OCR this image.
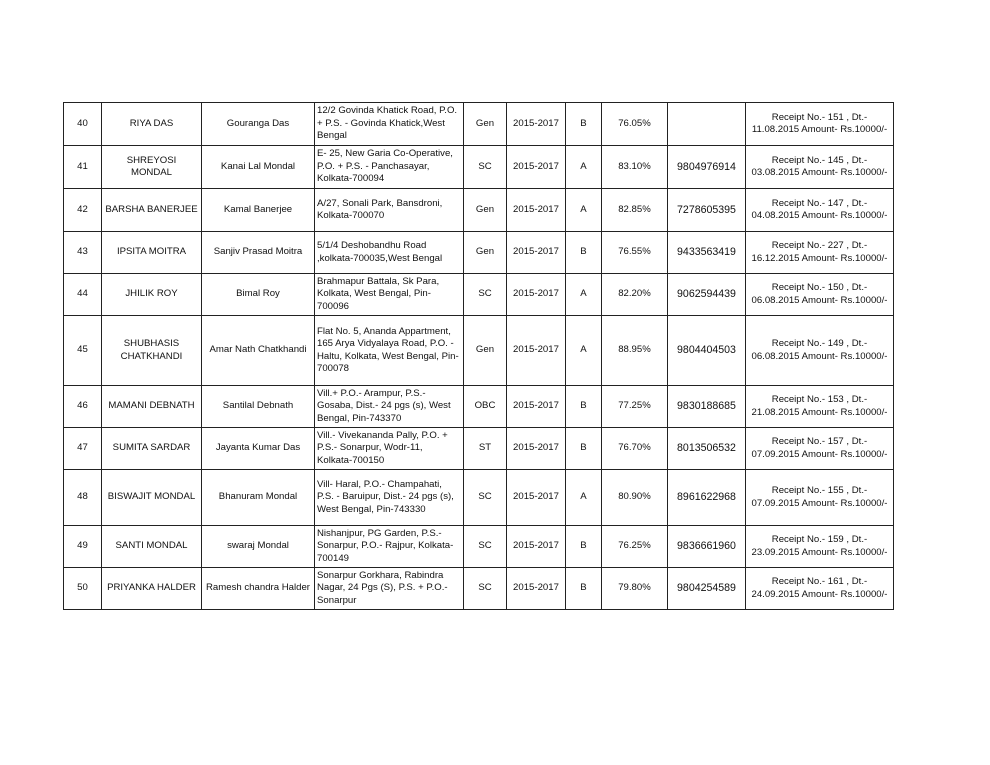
40	RIYA DAS	Gouranga Das	12/2 Govinda Khatick Road, P.O.
+ P.S. - Govinda Khatick,West
Bengal	Gen	2015-2017	B	76.05%		Receipt No.- 151 , Dt.-
11.08.2015 Amount- Rs.10000/-
41	SHREYOSI MONDAL	Kanai Lal Mondal	E- 25, New Garia Co-Operative,
P.O. + P.S. - Panchasayar,
Kolkata-700094	SC	2015-2017	A	83.10%	9804976914	Receipt No.- 145 , Dt.-
03.08.2015 Amount- Rs.10000/-
42	BARSHA BANERJEE	Kamal Banerjee	A/27, Sonali Park, Bansdroni,
Kolkata-700070	Gen	2015-2017	A	82.85%	7278605395	Receipt No.- 147 , Dt.-
04.08.2015 Amount- Rs.10000/-
43	IPSITA MOITRA	Sanjiv Prasad Moitra	5/1/4 Deshobandhu Road
,kolkata-700035,West Bengal	Gen	2015-2017	B	76.55%	9433563419	Receipt No.- 227 , Dt.-
16.12.2015 Amount- Rs.10000/-
44	JHILIK ROY	Bimal Roy	Brahmapur Battala, Sk Para,
Kolkata, West Bengal, Pin-
700096	SC	2015-2017	A	82.20%	9062594439	Receipt No.- 150 , Dt.-
06.08.2015 Amount- Rs.10000/-
45	SHUBHASIS CHATKHANDI	Amar Nath Chatkhandi	Flat No. 5, Ananda Appartment,
165 Arya Vidyalaya Road, P.O. -
Haltu, Kolkata, West Bengal, Pin-
700078	Gen	2015-2017	A	88.95%	9804404503	Receipt No.- 149 , Dt.-
06.08.2015 Amount- Rs.10000/-
46	MAMANI DEBNATH	Santilal Debnath	Vill.+ P.O.- Arampur, P.S.-
Gosaba, Dist.- 24 pgs (s), West
Bengal, Pin-743370	OBC	2015-2017	B	77.25%	9830188685	Receipt No.- 153 , Dt.-
21.08.2015 Amount- Rs.10000/-
47	SUMITA SARDAR	Jayanta Kumar Das	Vill.- Vivekananda Pally, P.O. +
P.S.- Sonarpur, Wodr-11,
Kolkata-700150	ST	2015-2017	B	76.70%	8013506532	Receipt No.- 157 , Dt.-
07.09.2015 Amount- Rs.10000/-
48	BISWAJIT MONDAL	Bhanuram Mondal	Vill- Haral, P.O.- Champahati,
P.S. - Baruipur, Dist.- 24 pgs (s),
West Bengal, Pin-743330	SC	2015-2017	A	80.90%	8961622968	Receipt No.- 155 , Dt.-
07.09.2015 Amount- Rs.10000/-
49	SANTI MONDAL	swaraj Mondal	Nishanjpur, PG Garden, P.S.-
Sonarpur, P.O.- Rajpur, Kolkata-
700149	SC	2015-2017	B	76.25%	9836661960	Receipt No.- 159 , Dt.-
23.09.2015 Amount- Rs.10000/-
50	PRIYANKA HALDER	Ramesh chandra Halder	Sonarpur Gorkhara, Rabindra
Nagar, 24 Pgs (S), P.S. + P.O.-
Sonarpur	SC	2015-2017	B	79.80%	9804254589	Receipt No.- 161 , Dt.-
24.09.2015 Amount- Rs.10000/-
